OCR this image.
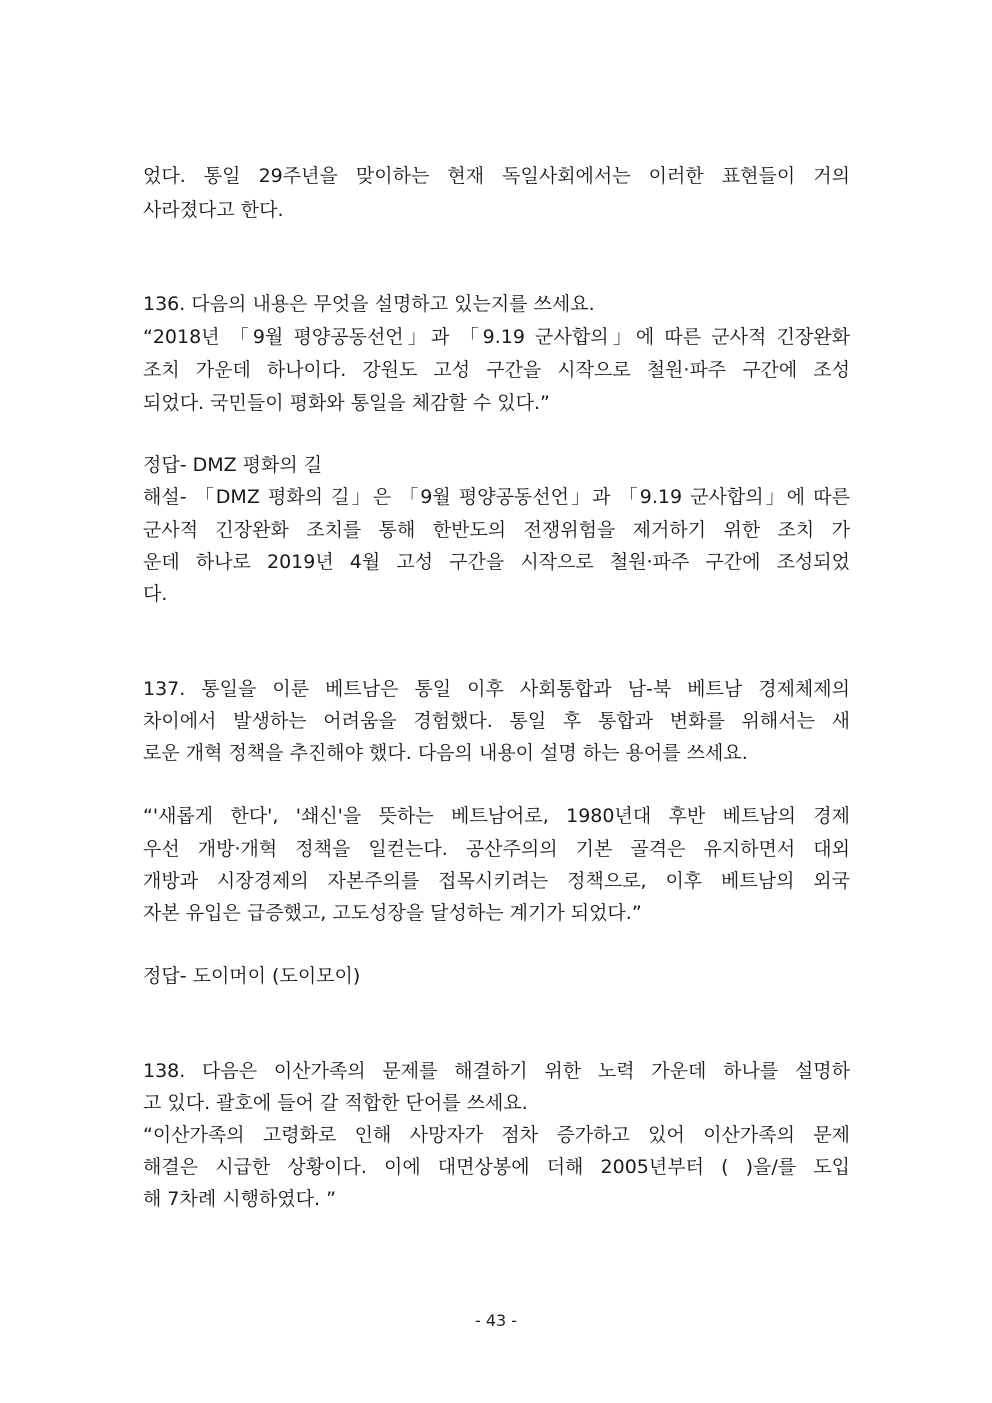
었다. 통일 29주년을 맞이하는 현재 독일사회에서는 이러한 표현들이 거의
사라졌다고 한다.
136. 다음의 내용은 무엇을 설명하고 있는지를 쓰세요.
“2018년 「9월 평양공동선언」과 「9.19 군사합의」에 따른 군사적 긴장완화
조치 가운데 하나이다. 강원도 고성 구간을 시작으로 철원·파주 구간에 조성
되었다. 국민들이 평화와 통일을 체감할 수 있다.”
정답- DMZ 평화의 길
해설- 「DMZ 평화의 길」은 「9월 평양공동선언」과 「9.19 군사합의」에 따른
군사적 긴장완화 조치를 통해 한반도의 전쟁위험을 제거하기 위한 조치 가
운데 하나로 2019년 4월 고성 구간을 시작으로 철원·파주 구간에 조성되었
다.
137. 통일을 이룬 베트남은 통일 이후 사회통합과 남-북 베트남 경제체제의
차이에서 발생하는 어려움을 경험했다. 통일 후 통합과 변화를 위해서는 새
로운 개혁 정책을 추진해야 했다. 다음의 내용이 설명 하는 용어를 쓰세요.
“'새롭게 한다', '쇄신'을 뜻하는 베트남어로, 1980년대 후반 베트남의 경제
우선 개방·개혁 정책을 일컫는다. 공산주의의 기본 골격은 유지하면서 대외
개방과 시장경제의 자본주의를 접목시키려는 정책으로, 이후 베트남의 외국
자본 유입은 급증했고, 고도성장을 달성하는 계기가 되었다.”
정답- 도이머이 (도이모이)
138. 다음은 이산가족의 문제를 해결하기 위한 노력 가운데 하나를 설명하
고 있다. 괄호에 들어 갈 적합한 단어를 쓰세요.
“이산가족의 고령화로 인해 사망자가 점차 증가하고 있어 이산가족의 문제
해결은 시급한 상황이다. 이에 대면상봉에 더해 2005년부터 ( )을/를 도입
해 7차례 시행하였다. ”
- 43 -
